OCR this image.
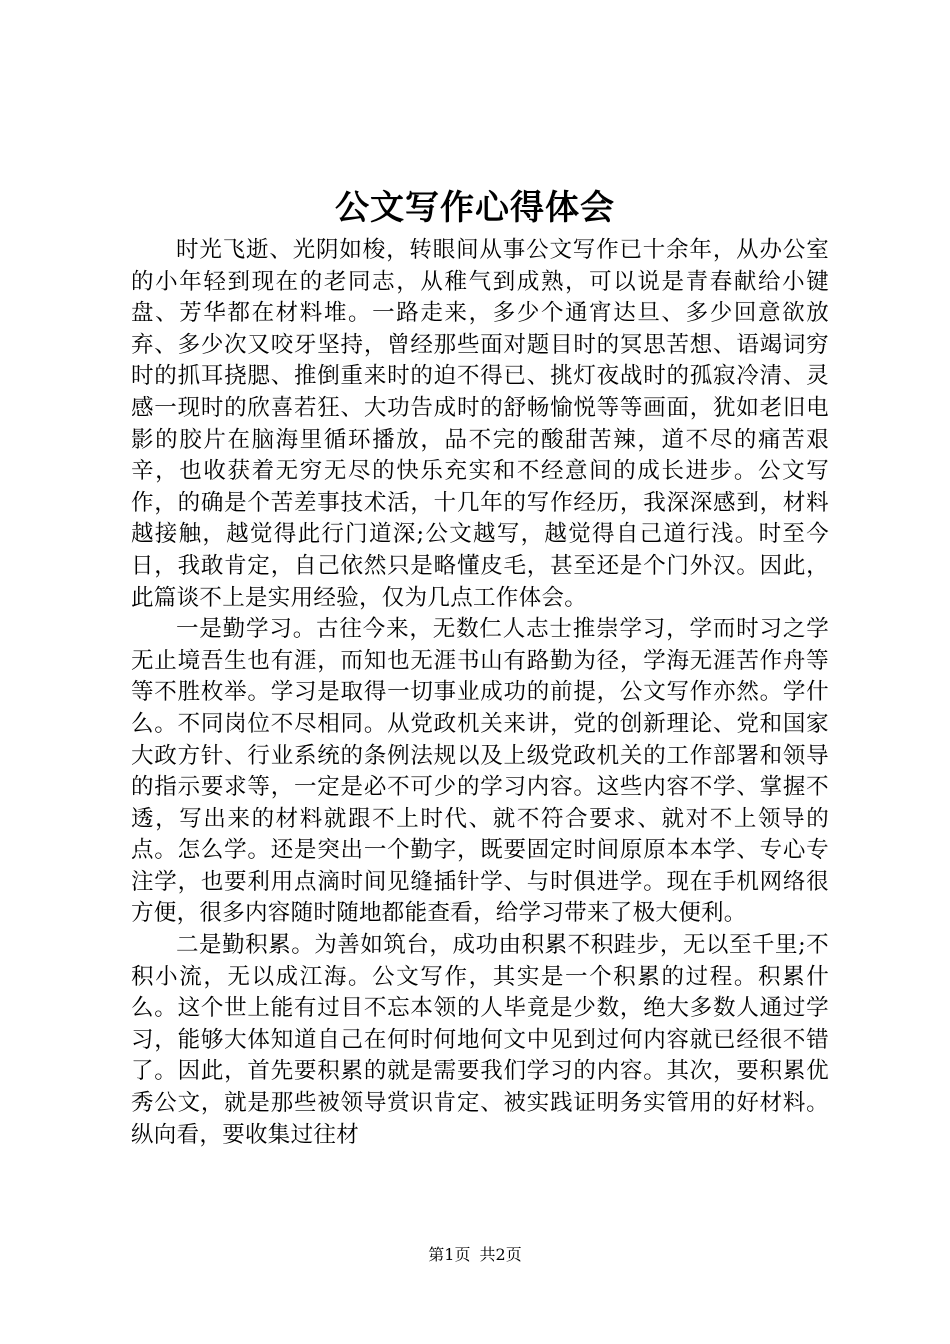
公文写作心得体会

时光飞逝、光阴如梭，转眼间从事公文写作已十余年，从办公室的小年轻到现在的老同志，从稚气到成熟，可以说是青春献给小键盘、芳华都在材料堆。一路走来，多少个通宵达旦、多少回意欲放弃、多少次又咬牙坚持，曾经那些面对题目时的冥思苦想、语竭词穷时的抓耳挠腮、推倒重来时的迫不得已、挑灯夜战时的孤寂冷清、灵感一现时的欣喜若狂、大功告成时的舒畅愉悦等等画面，犹如老旧电影的胶片在脑海里循环播放，品不完的酸甜苦辣，道不尽的痛苦艰辛，也收获着无穷无尽的快乐充实和不经意间的成长进步。公文写作，的确是个苦差事技术活，十几年的写作经历，我深深感到，材料越接触，越觉得此行门道深;公文越写，越觉得自己道行浅。时至今日，我敢肯定，自己依然只是略懂皮毛，甚至还是个门外汉。因此，此篇谈不上是实用经验，仅为几点工作体会。

一是勤学习。古往今来，无数仁人志士推崇学习，学而时习之学无止境吾生也有涯，而知也无涯书山有路勤为径，学海无涯苦作舟等等不胜枚举。学习是取得一切事业成功的前提，公文写作亦然。学什么。不同岗位不尽相同。从党政机关来讲，党的创新理论、党和国家大政方针、行业系统的条例法规以及上级党政机关的工作部署和领导的指示要求等，一定是必不可少的学习内容。这些内容不学、掌握不透，写出来的材料就跟不上时代、就不符合要求、就对不上领导的点。怎么学。还是突出一个勤字，既要固定时间原原本本学、专心专注学，也要利用点滴时间见缝插针学、与时俱进学。现在手机网络很方便，很多内容随时随地都能查看，给学习带来了极大便利。

二是勤积累。为善如筑台，成功由积累不积跬步，无以至千里;不积小流，无以成江海。公文写作，其实是一个积累的过程。积累什么。这个世上能有过目不忘本领的人毕竟是少数，绝大多数人通过学习，能够大体知道自己在何时何地何文中见到过何内容就已经很不错了。因此，首先要积累的就是需要我们学习的内容。其次，要积累优秀公文，就是那些被领导赏识肯定、被实践证明务实管用的好材料。纵向看，要收集过往材

第1页 共2页
